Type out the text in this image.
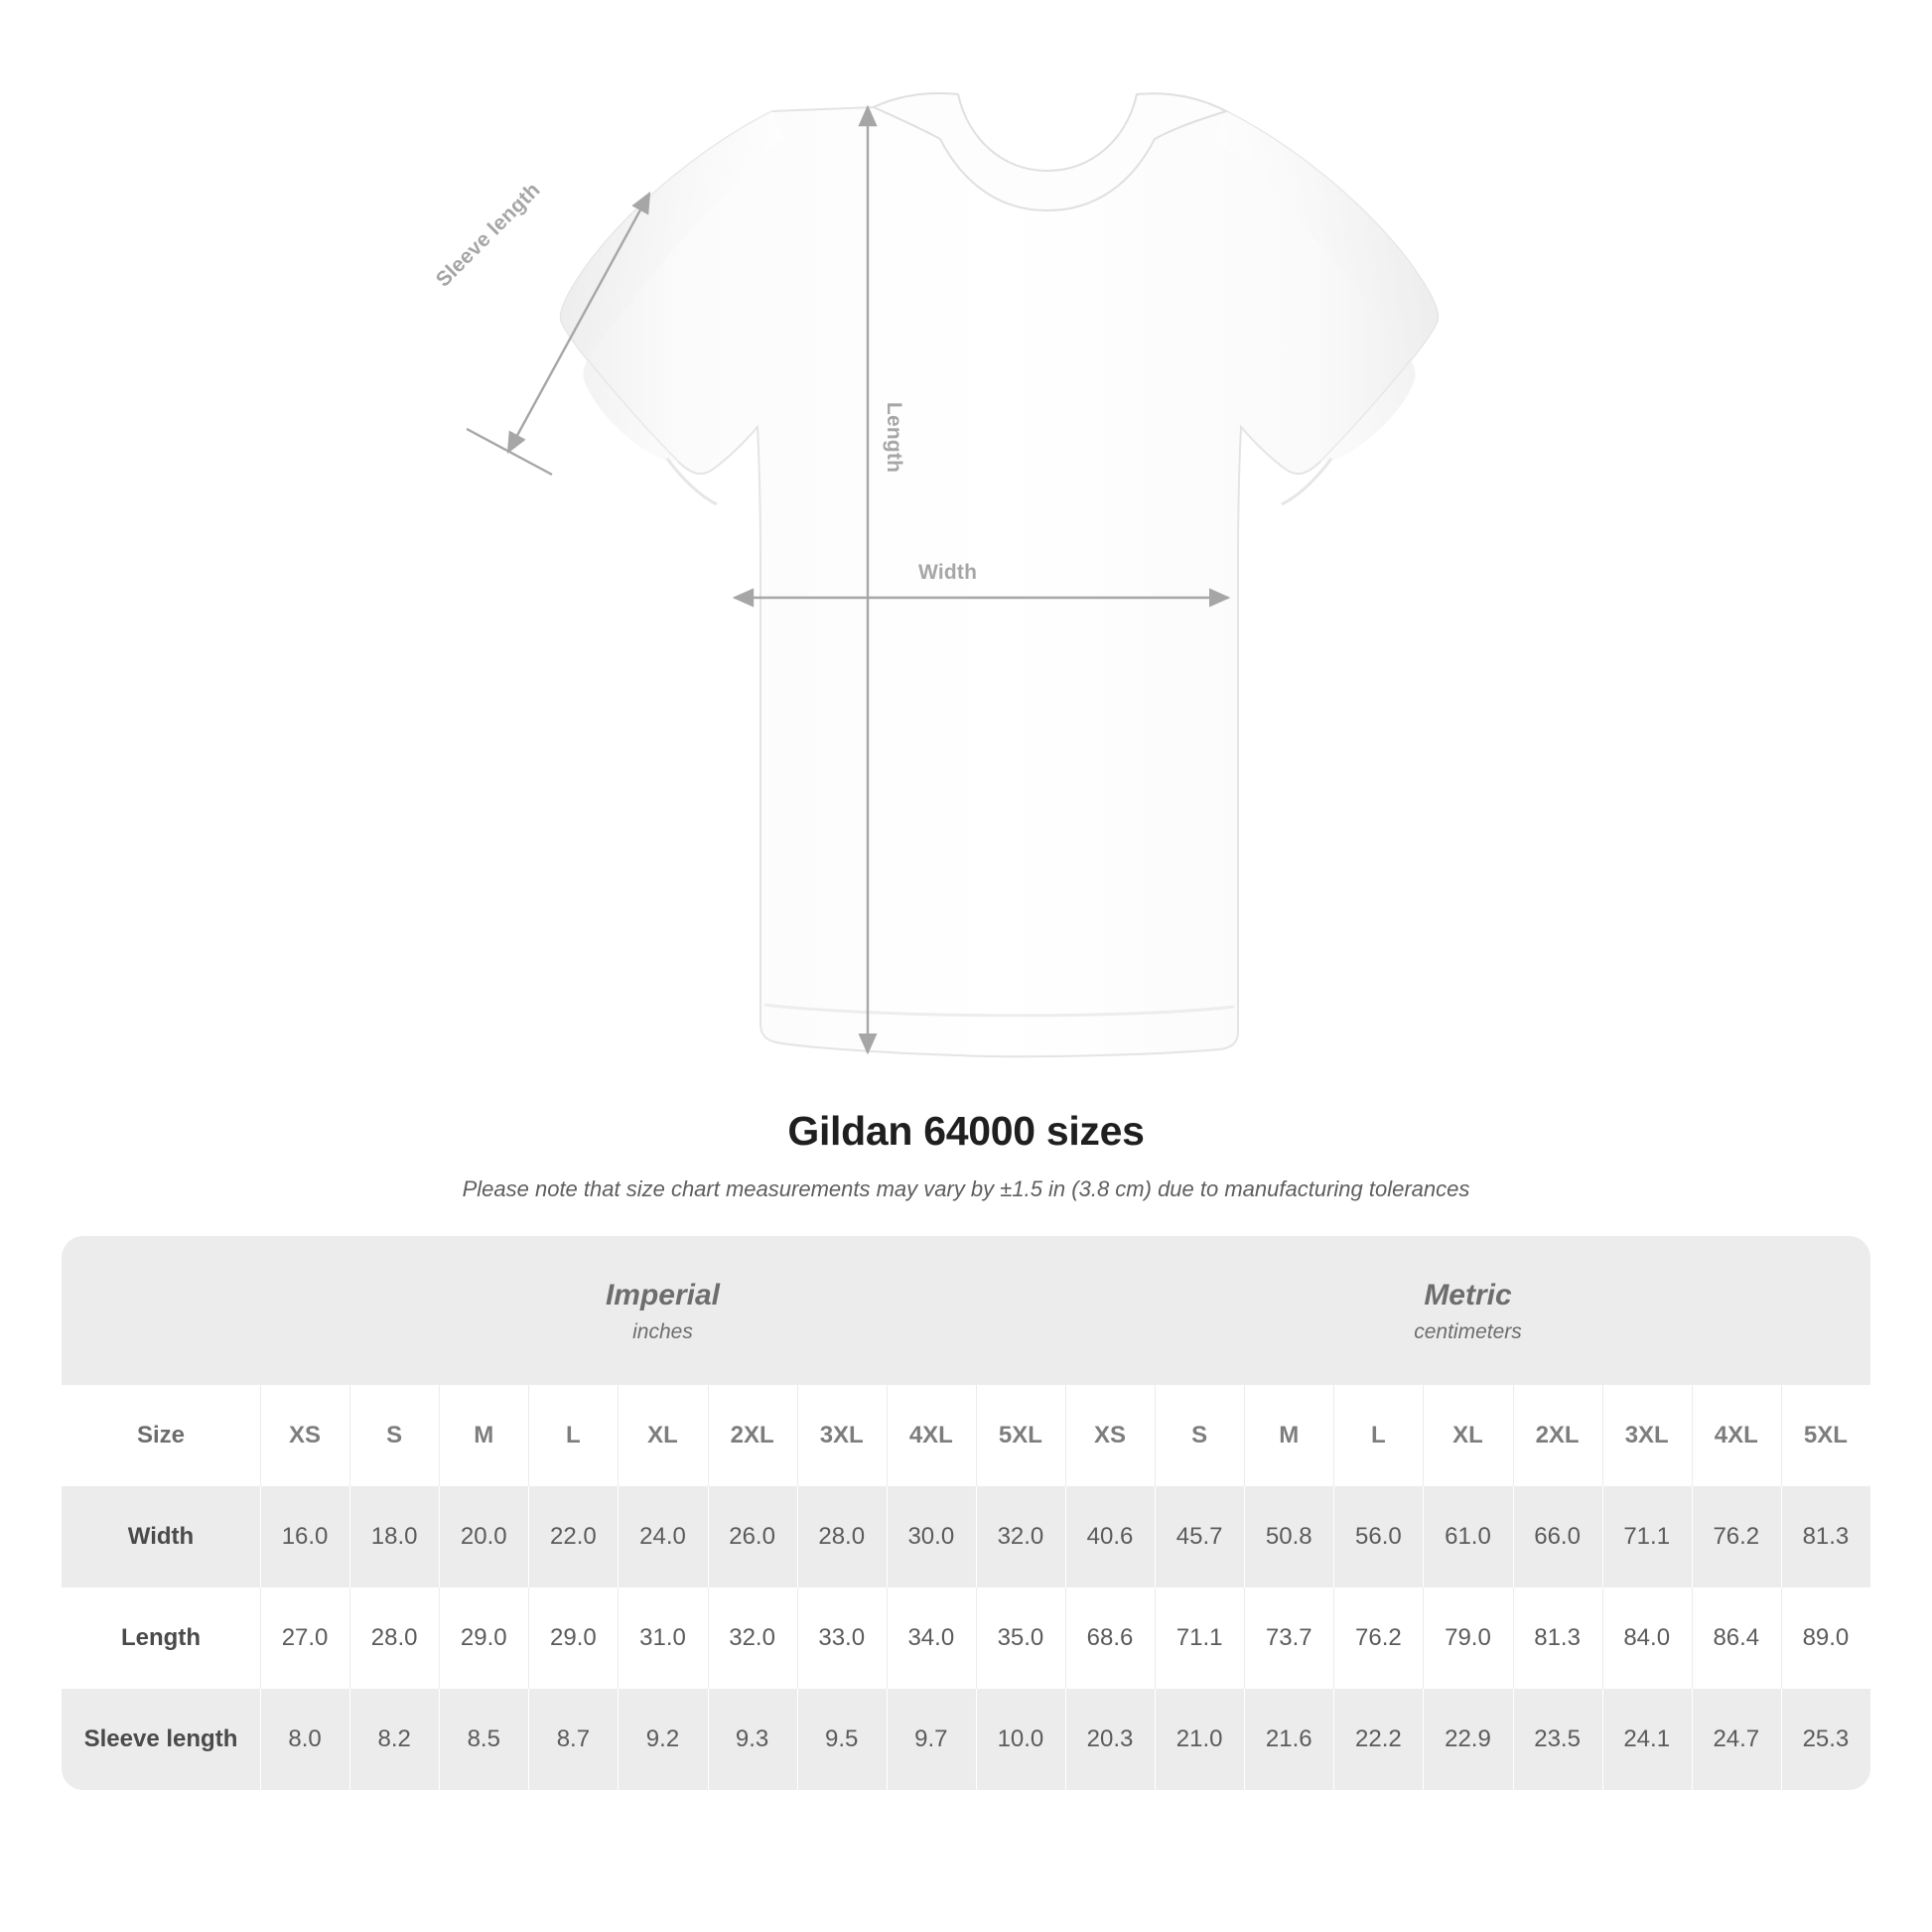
Sleeve length
Length
Width
Gildan 64000 sizes
Please note that size chart measurements may vary by ±1.5 in (3.8 cm) due to manufacturing tolerances

Imperial
inches

Metric
centimeters

Size	XS	S	M	L	XL	2XL	3XL	4XL	5XL	XS	S	M	L	XL	2XL	3XL	4XL	5XL
Width	16.0	18.0	20.0	22.0	24.0	26.0	28.0	30.0	32.0	40.6	45.7	50.8	56.0	61.0	66.0	71.1	76.2	81.3
Length	27.0	28.0	29.0	29.0	31.0	32.0	33.0	34.0	35.0	68.6	71.1	73.7	76.2	79.0	81.3	84.0	86.4	89.0
Sleeve length	8.0	8.2	8.5	8.7	9.2	9.3	9.5	9.7	10.0	20.3	21.0	21.6	22.2	22.9	23.5	24.1	24.7	25.3
